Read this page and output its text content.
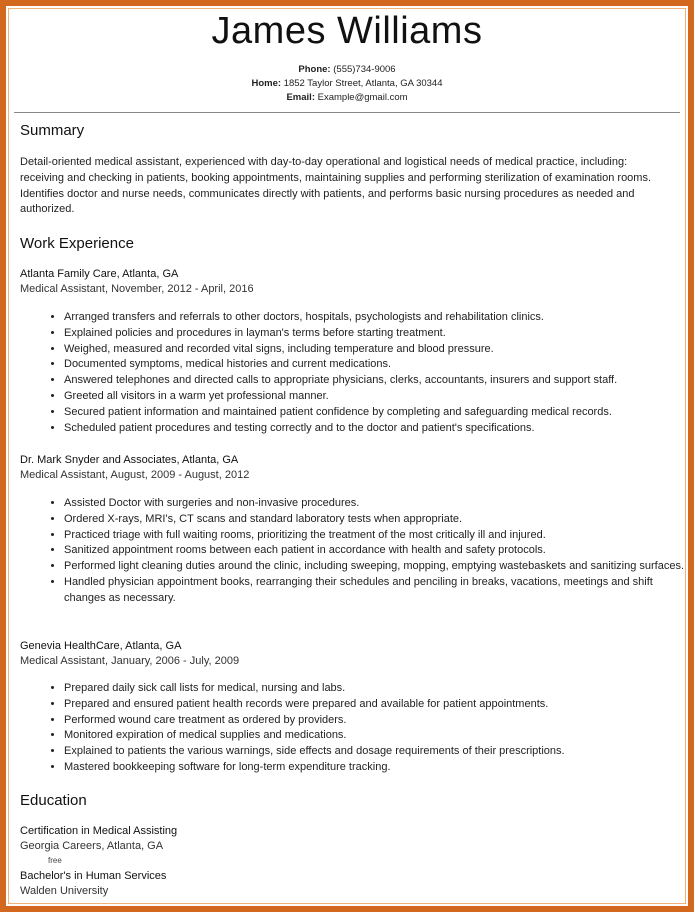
James Williams
Phone: (555)734-9006
Home: 1852 Taylor Street, Atlanta, GA 30344
Email: Example@gmail.com
Summary
Detail-oriented medical assistant, experienced with day-to-day operational and logistical needs of medical practice, including: receiving and checking in patients, booking appointments, maintaining supplies and performing sterilization of examination rooms. Identifies doctor and nurse needs, communicates directly with patients, and performs basic nursing procedures as needed and authorized.
Work Experience
Atlanta Family Care, Atlanta, GA
Medical Assistant, November, 2012 - April, 2016
• Arranged transfers and referrals to other doctors, hospitals, psychologists and rehabilitation clinics.
• Explained policies and procedures in layman's terms before starting treatment.
• Weighed, measured and recorded vital signs, including temperature and blood pressure.
• Documented symptoms, medical histories and current medications.
• Answered telephones and directed calls to appropriate physicians, clerks, accountants, insurers and support staff.
• Greeted all visitors in a warm yet professional manner.
• Secured patient information and maintained patient confidence by completing and safeguarding medical records.
• Scheduled patient procedures and testing correctly and to the doctor and patient's specifications.
Dr. Mark Snyder and Associates, Atlanta, GA
Medical Assistant, August, 2009 - August, 2012
• Assisted Doctor with surgeries and non-invasive procedures.
• Ordered X-rays, MRI's, CT scans and standard laboratory tests when appropriate.
• Practiced triage with full waiting rooms, prioritizing the treatment of the most critically ill and injured.
• Sanitized appointment rooms between each patient in accordance with health and safety protocols.
• Performed light cleaning duties around the clinic, including sweeping, mopping, emptying wastebaskets and sanitizing surfaces.
• Handled physician appointment books, rearranging their schedules and penciling in breaks, vacations, meetings and shift changes as necessary.
Genevia HealthCare, Atlanta, GA
Medical Assistant, January, 2006 - July, 2009
• Prepared daily sick call lists for medical, nursing and labs.
• Prepared and ensured patient health records were prepared and available for patient appointments.
• Performed wound care treatment as ordered by providers.
• Monitored expiration of medical supplies and medications.
• Explained to patients the various warnings, side effects and dosage requirements of their prescriptions.
• Mastered bookkeeping software for long-term expenditure tracking.
Education
Certification in Medical Assisting
Georgia Careers, Atlanta, GA
free
Bachelor's in Human Services
Walden University
